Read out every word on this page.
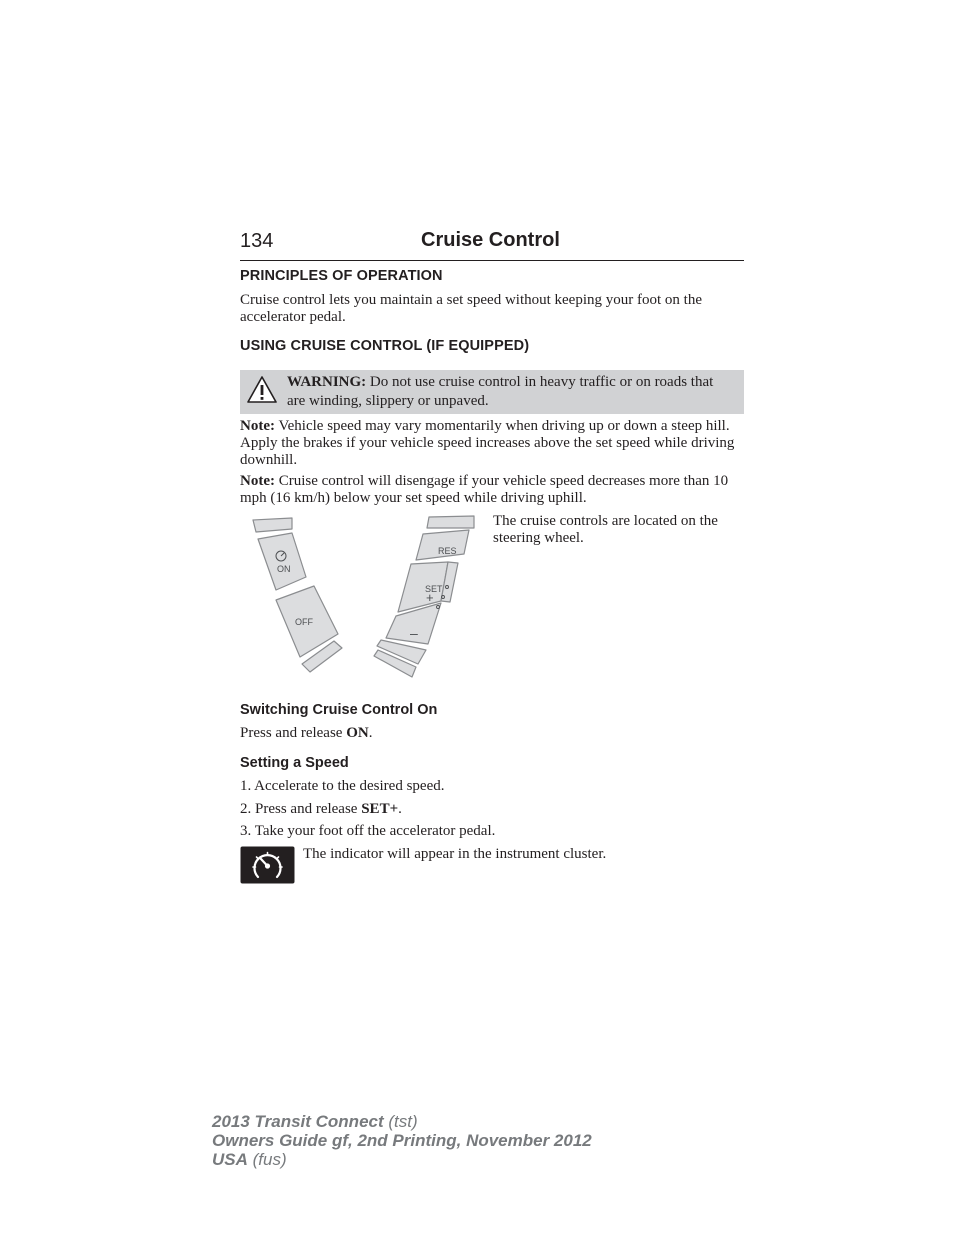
134	Cruise Control
PRINCIPLES OF OPERATION
Cruise control lets you maintain a set speed without keeping your foot on the accelerator pedal.
USING CRUISE CONTROL (IF EQUIPPED)
WARNING: Do not use cruise control in heavy traffic or on roads that are winding, slippery or unpaved.
Note: Vehicle speed may vary momentarily when driving up or down a steep hill. Apply the brakes if your vehicle speed increases above the set speed while driving downhill.
Note: Cruise control will disengage if your vehicle speed decreases more than 10 mph (16 km/h) below your set speed while driving uphill.
ON
OFF
RES
SET
+
–
The cruise controls are located on the steering wheel.
Switching Cruise Control On
Press and release ON.
Setting a Speed
1. Accelerate to the desired speed.
2. Press and release SET+.
3. Take your foot off the accelerator pedal.
The indicator will appear in the instrument cluster.
2013 Transit Connect (tst)
Owners Guide gf, 2nd Printing, November 2012
USA (fus)
